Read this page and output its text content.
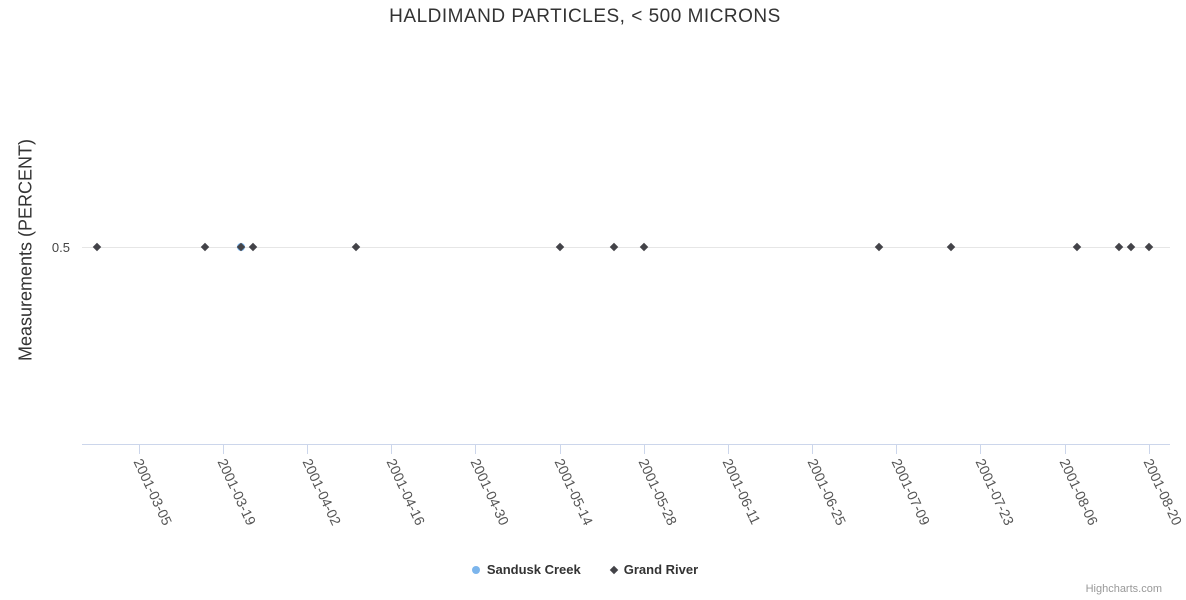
HALDIMAND PARTICLES, < 500 MICRONS
Measurements (PERCENT)	0.5
2001-03-05	2001-03-19	2001-04-02	2001-04-16	2001-04-30	2001-05-14	2001-05-28	2001-06-11	2001-06-25	2001-07-09	2001-07-23	2001-08-06	2001-08-20
Sandusk Creek	Grand River
Highcharts.com
